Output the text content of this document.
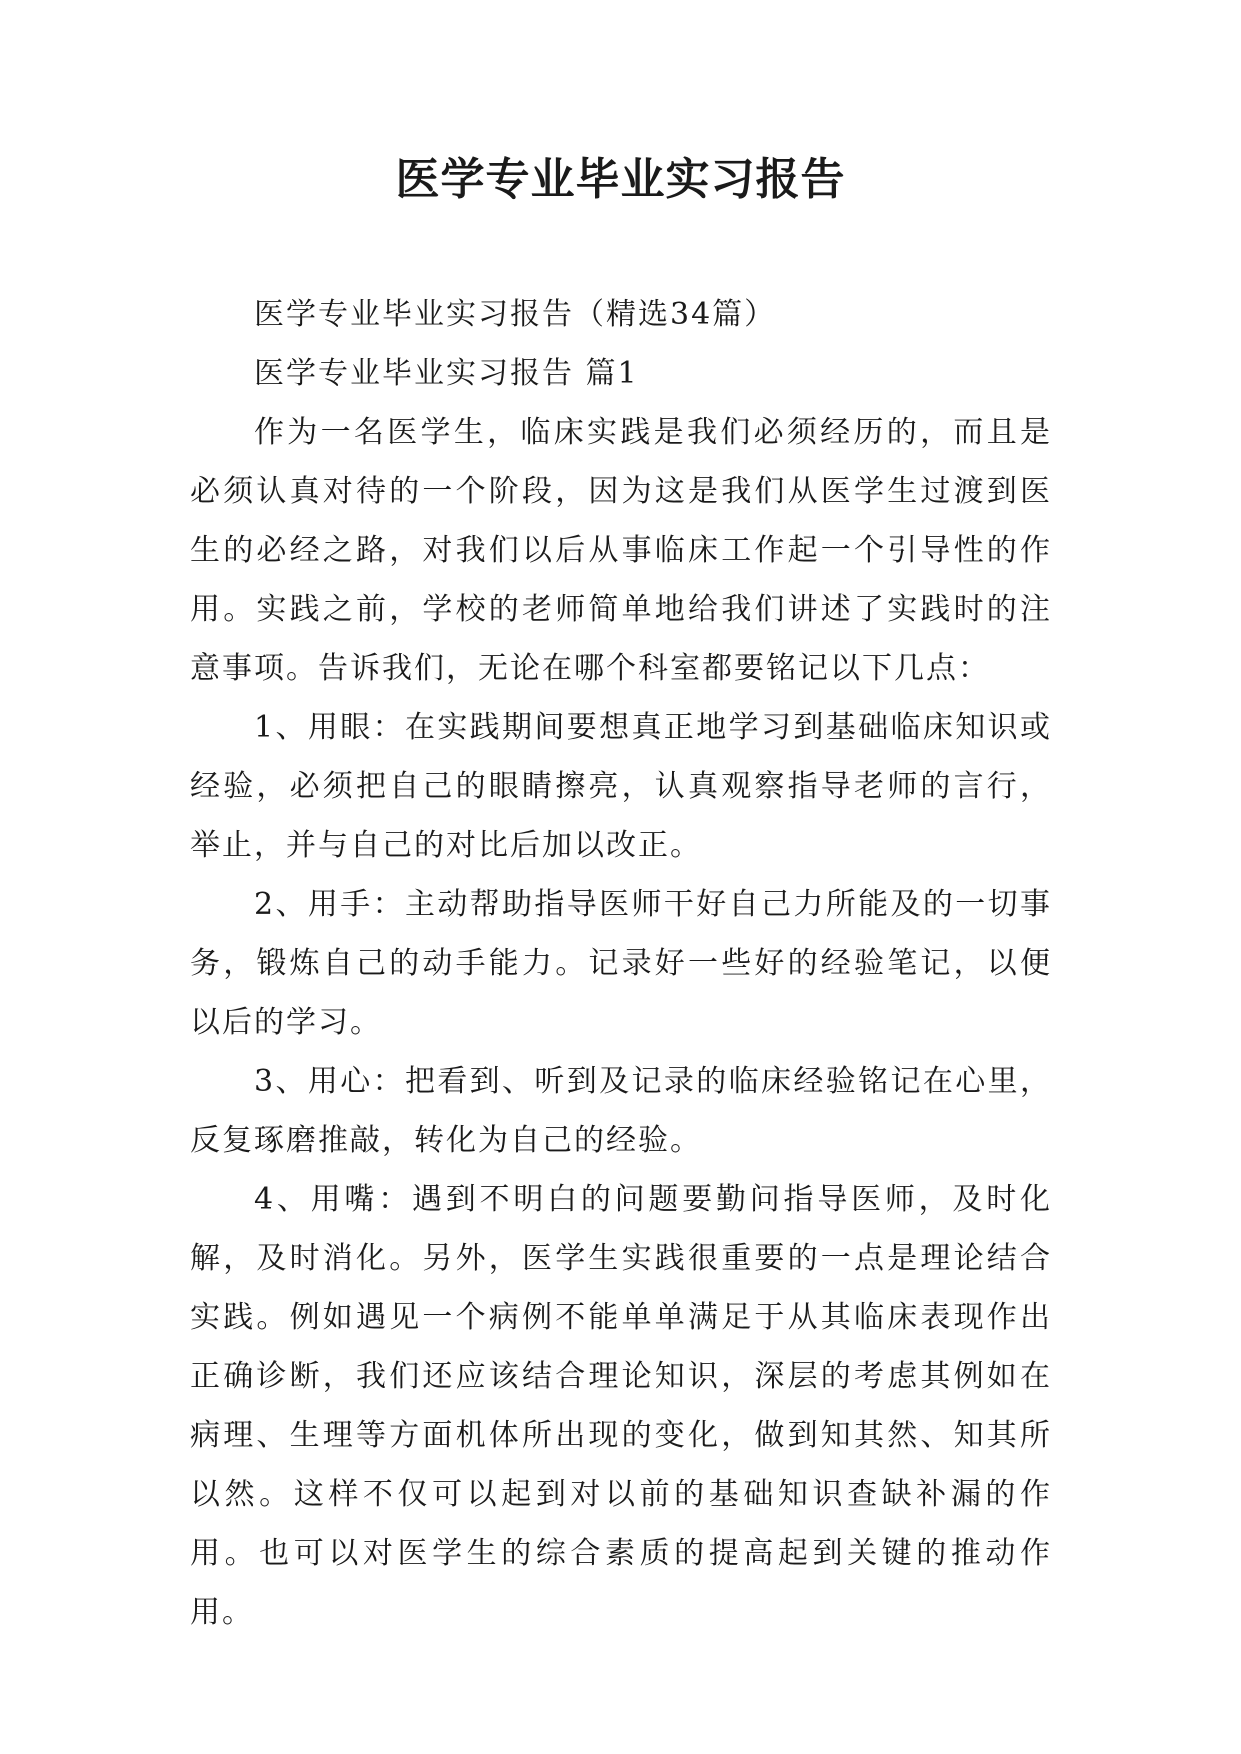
医学专业毕业实习报告

医学专业毕业实习报告（精选34篇）

医学专业毕业实习报告 篇1

作为一名医学生，临床实践是我们必须经历的，而且是必须认真对待的一个阶段，因为这是我们从医学生过渡到医生的必经之路，对我们以后从事临床工作起一个引导性的作用。实践之前，学校的老师简单地给我们讲述了实践时的注意事项。告诉我们，无论在哪个科室都要铭记以下几点：

1、用眼：在实践期间要想真正地学习到基础临床知识或经验，必须把自己的眼睛擦亮，认真观察指导老师的言行，举止，并与自己的对比后加以改正。

2、用手：主动帮助指导医师干好自己力所能及的一切事务，锻炼自己的动手能力。记录好一些好的经验笔记，以便以后的学习。

3、用心：把看到、听到及记录的临床经验铭记在心里，反复琢磨推敲，转化为自己的经验。

4、用嘴：遇到不明白的问题要勤问指导医师，及时化解，及时消化。另外，医学生实践很重要的一点是理论结合实践。例如遇见一个病例不能单单满足于从其临床表现作出正确诊断，我们还应该结合理论知识，深层的考虑其例如在病理、生理等方面机体所出现的变化，做到知其然、知其所以然。这样不仅可以起到对以前的基础知识查缺补漏的作用。也可以对医学生的综合素质的提高起到关键的推动作用。
